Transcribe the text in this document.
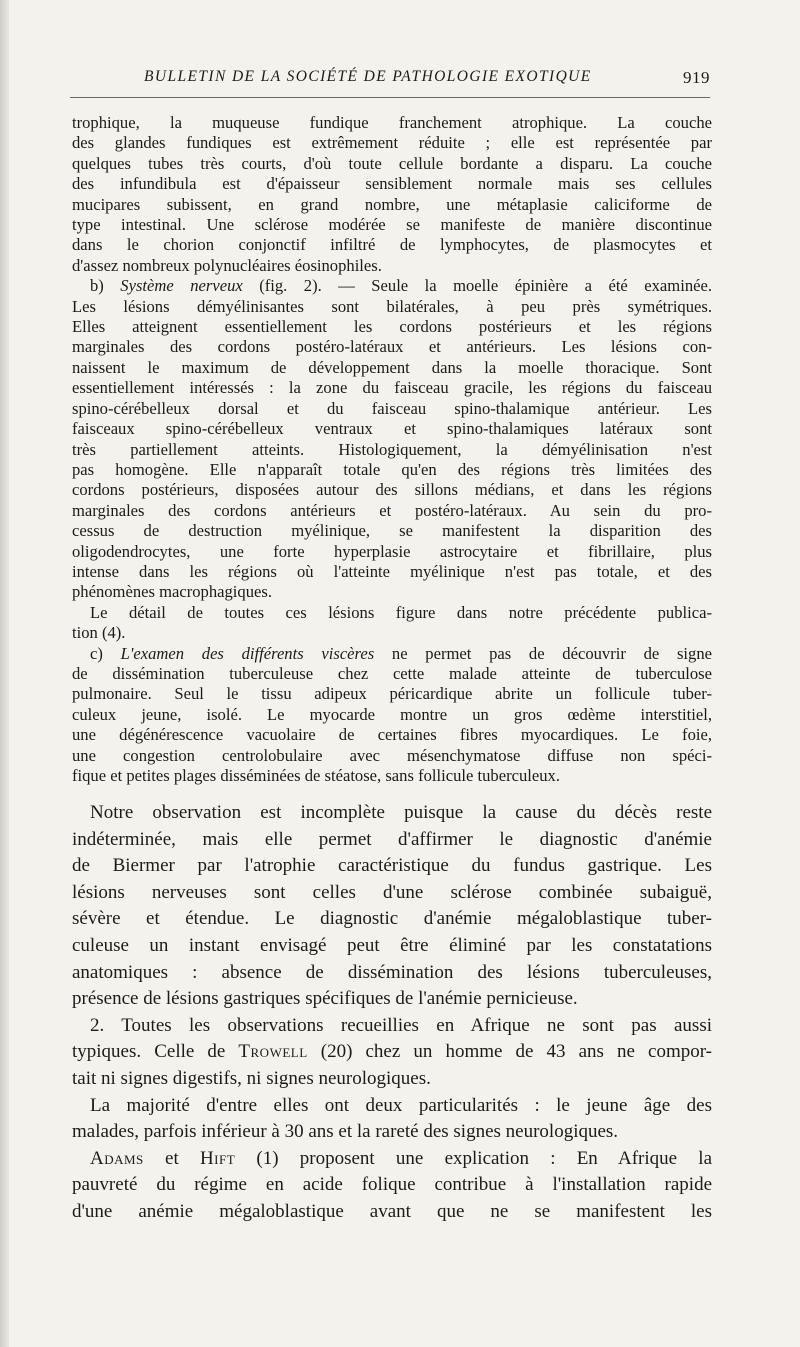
BULLETIN DE LA SOCIÉTÉ DE PATHOLOGIE EXOTIQUE	919

trophique, la muqueuse fundique franchement atrophique. La couche

des glandes fundiques est extrêmement réduite ; elle est représentée par

quelques tubes très courts, d'où toute cellule bordante a disparu. La couche

des infundibula est d'épaisseur sensiblement normale mais ses cellules

mucipares subissent, en grand nombre, une métaplasie caliciforme de

type intestinal. Une sclérose modérée se manifeste de manière discontinue

dans le chorion conjonctif infiltré de lymphocytes, de plasmocytes et

d'assez nombreux polynucléaires éosinophiles.

b) Système nerveux (fig. 2). — Seule la moelle épinière a été examinée.

Les lésions démyélinisantes sont bilatérales, à peu près symétriques.

Elles atteignent essentiellement les cordons postérieurs et les régions

marginales des cordons postéro-latéraux et antérieurs. Les lésions con-

naissent le maximum de développement dans la moelle thoracique. Sont

essentiellement intéressés : la zone du faisceau gracile, les régions du faisceau

spino-cérébelleux dorsal et du faisceau spino-thalamique antérieur. Les

faisceaux spino-cérébelleux ventraux et spino-thalamiques latéraux sont

très partiellement atteints. Histologiquement, la démyélinisation n'est

pas homogène. Elle n'apparaît totale qu'en des régions très limitées des

cordons postérieurs, disposées autour des sillons médians, et dans les régions

marginales des cordons antérieurs et postéro-latéraux. Au sein du pro-

cessus de destruction myélinique, se manifestent la disparition des

oligodendrocytes, une forte hyperplasie astrocytaire et fibrillaire, plus

intense dans les régions où l'atteinte myélinique n'est pas totale, et des

phénomènes macrophagiques.

Le détail de toutes ces lésions figure dans notre précédente publica-

tion (4).

c) L'examen des différents viscères ne permet pas de découvrir de signe

de dissémination tuberculeuse chez cette malade atteinte de tuberculose

pulmonaire. Seul le tissu adipeux péricardique abrite un follicule tuber-

culeux jeune, isolé. Le myocarde montre un gros œdème interstitiel,

une dégénérescence vacuolaire de certaines fibres myocardiques. Le foie,

une congestion centrolobulaire avec mésenchymatose diffuse non spéci-

fique et petites plages disséminées de stéatose, sans follicule tuberculeux.

Notre observation est incomplète puisque la cause du décès reste

indéterminée, mais elle permet d'affirmer le diagnostic d'anémie

de Biermer par l'atrophie caractéristique du fundus gastrique. Les

lésions nerveuses sont celles d'une sclérose combinée subaiguë,

sévère et étendue. Le diagnostic d'anémie mégaloblastique tuber-

culeuse un instant envisagé peut être éliminé par les constatations

anatomiques : absence de dissémination des lésions tuberculeuses,

présence de lésions gastriques spécifiques de l'anémie pernicieuse.

2. Toutes les observations recueillies en Afrique ne sont pas aussi

typiques. Celle de Trowell (20) chez un homme de 43 ans ne compor-

tait ni signes digestifs, ni signes neurologiques.

La majorité d'entre elles ont deux particularités : le jeune âge des

malades, parfois inférieur à 30 ans et la rareté des signes neurologiques.

Adams et Hift (1) proposent une explication : En Afrique la

pauvreté du régime en acide folique contribue à l'installation rapide

d'une anémie mégaloblastique avant que ne se manifestent les
